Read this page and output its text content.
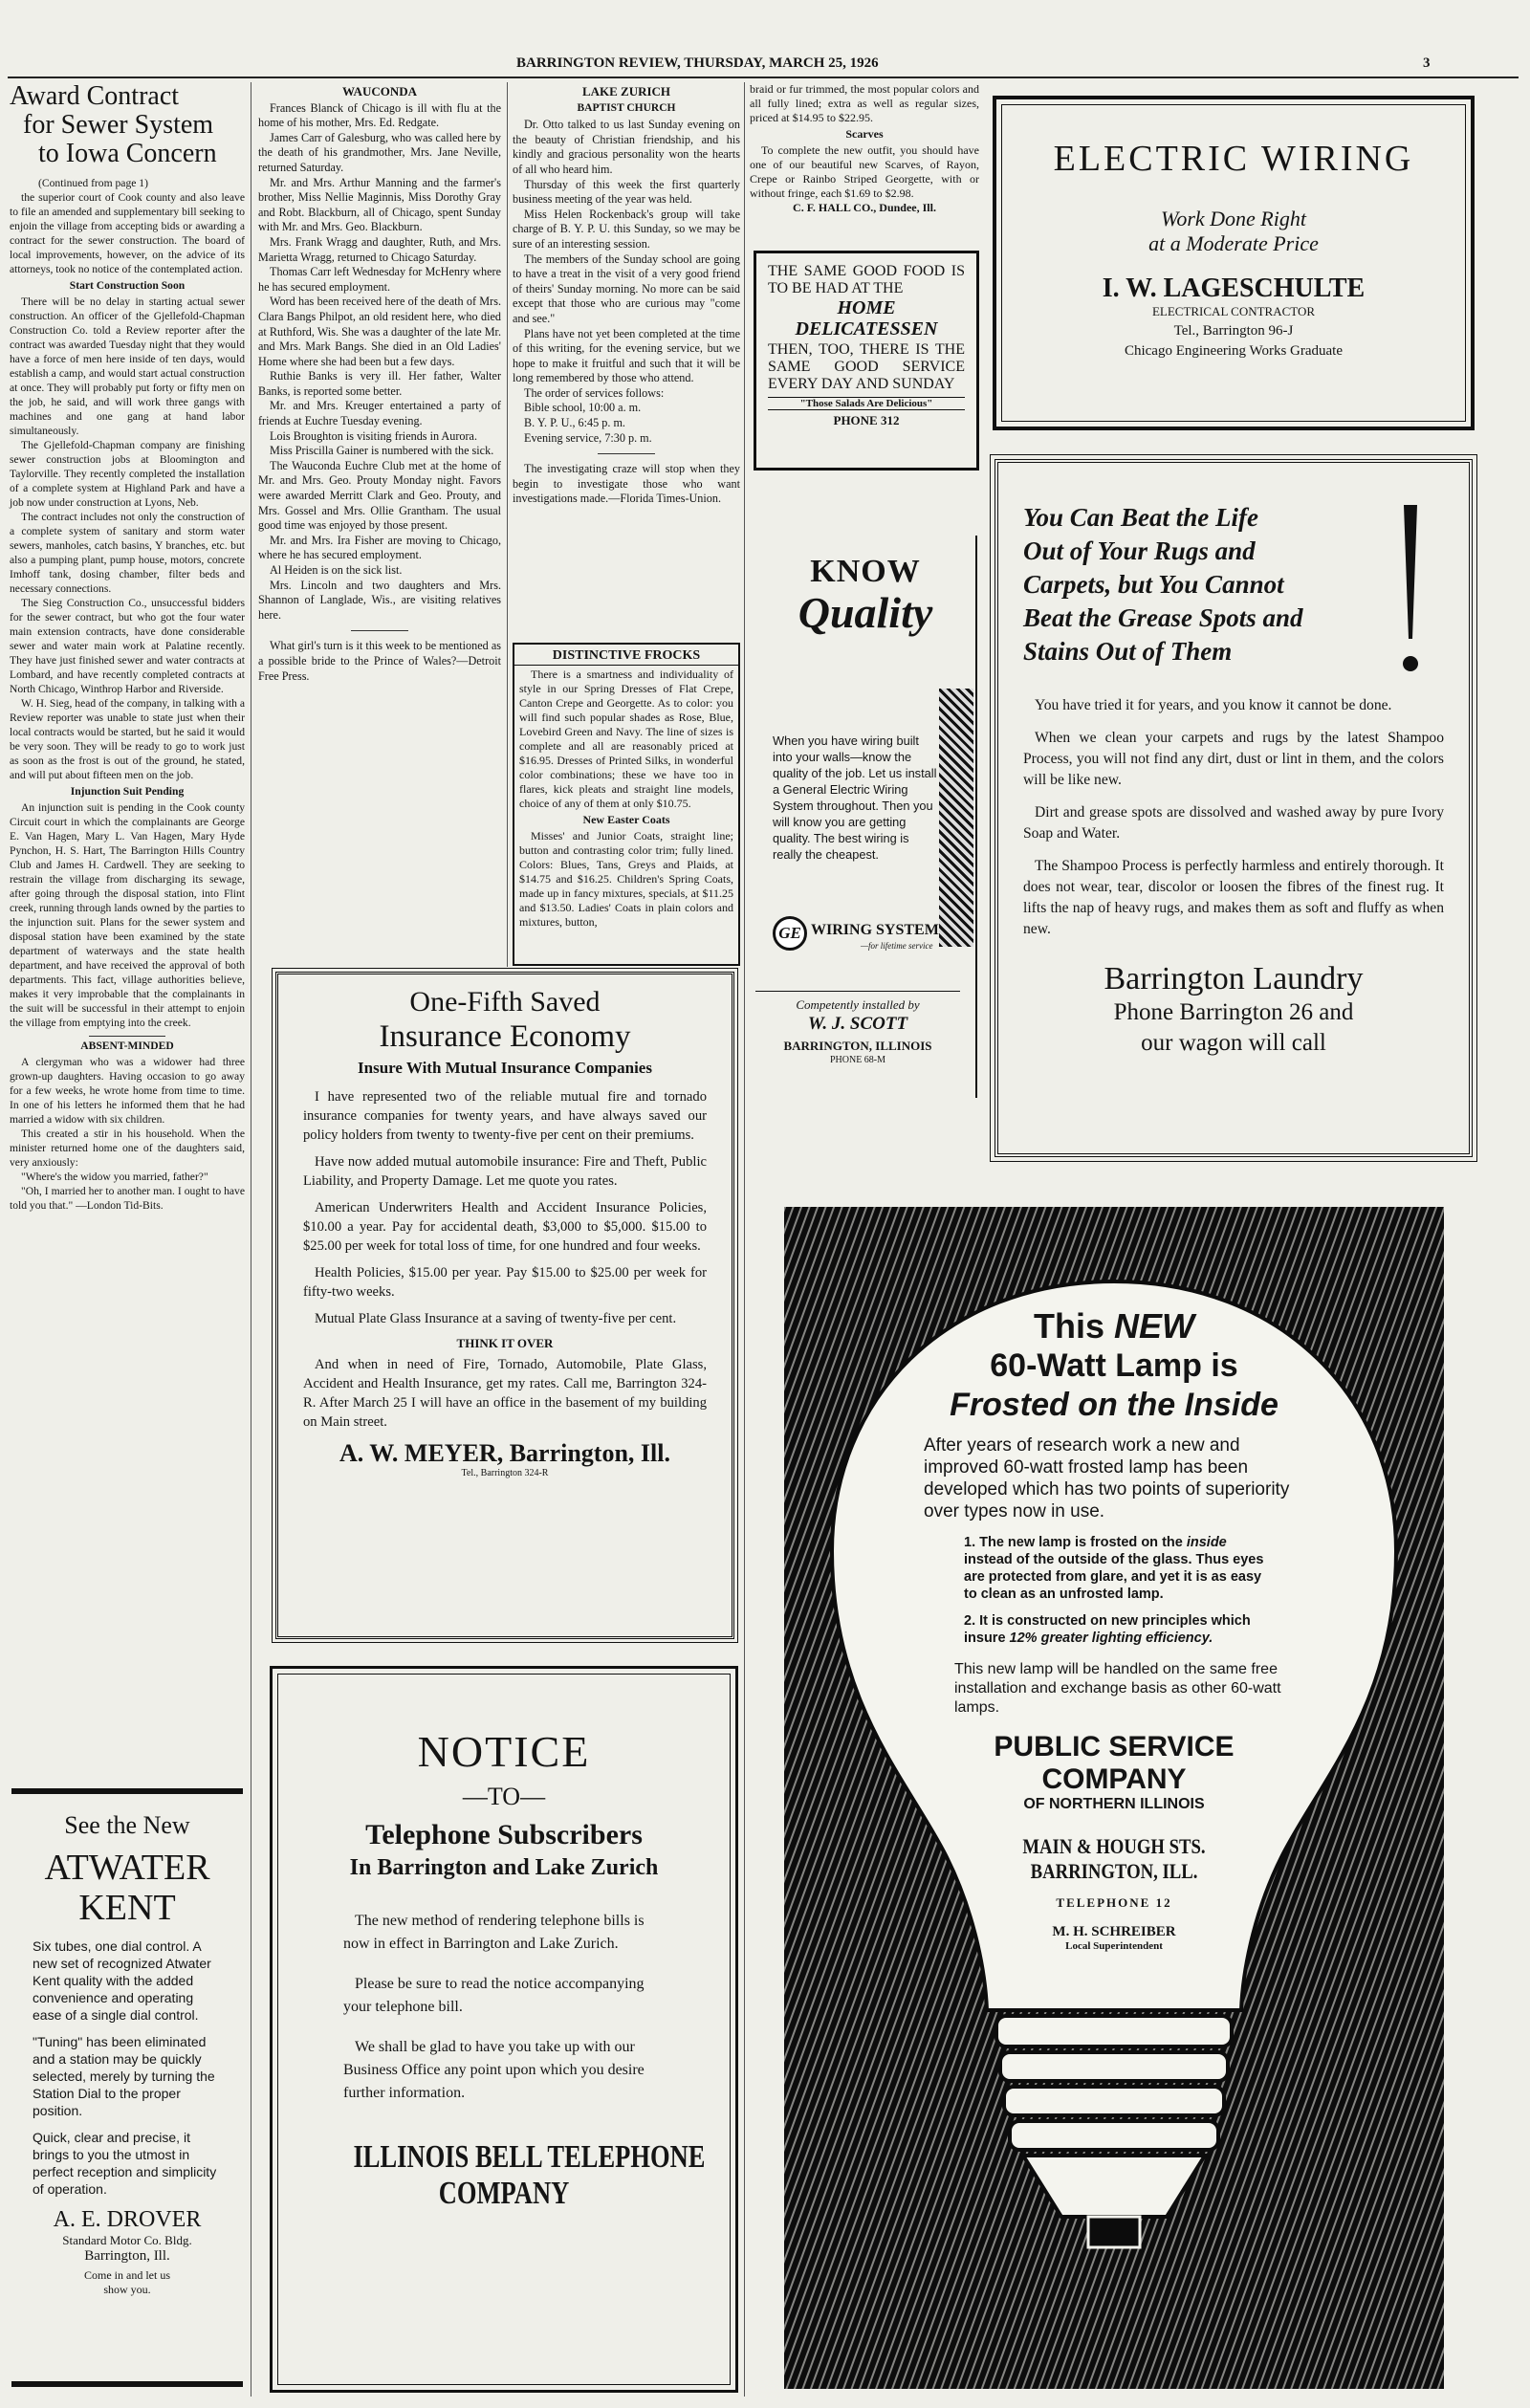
BARRINGTON REVIEW, THURSDAY, MARCH 25, 1926	3
Award Contract
for Sewer System
to Iowa Concern

(Continued from page 1)

the superior court of Cook county and also leave to file an amended and supplementary bill seeking to enjoin the village from accepting bids or awarding a contract for the sewer construction. The board of local improvements, however, on the advice of its attorneys, took no notice of the contemplated action.

Start Construction Soon

There will be no delay in starting actual sewer construction. An officer of the Gjellefold-Chapman Construction Co. told a Review reporter after the contract was awarded Tuesday night that they would have a force of men here inside of ten days, would establish a camp, and would start actual construction at once. They will probably put forty or fifty men on the job, he said, and will work three gangs with machines and one gang at hand labor simultaneously.

The Gjellefold-Chapman company are finishing sewer construction jobs at Bloomington and Taylorville. They recently completed the installation of a complete system at Highland Park and have a job now under construction at Lyons, Neb.

The contract includes not only the construction of a complete system of sanitary and storm water sewers, manholes, catch basins, Y branches, etc. but also a pumping plant, pump house, motors, concrete Imhoff tank, dosing chamber, filter beds and necessary connections.

The Sieg Construction Co., unsuccessful bidders for the sewer contract, but who got the four water main extension contracts, have done considerable sewer and water main work at Palatine recently. They have just finished sewer and water contracts at Lombard, and have recently completed contracts at North Chicago, Winthrop Harbor and Riverside.

W. H. Sieg, head of the company, in talking with a Review reporter was unable to state just when their local contracts would be started, but he said it would be very soon. They will be ready to go to work just as soon as the frost is out of the ground, he stated, and will put about fifteen men on the job.

Injunction Suit Pending

An injunction suit is pending in the Cook county Circuit court in which the complainants are George E. Van Hagen, Mary L. Van Hagen, Mary Hyde Pynchon, H. S. Hart, The Barrington Hills Country Club and James H. Cardwell. They are seeking to restrain the village from discharging its sewage, after going through the disposal station, into Flint creek, running through lands owned by the parties to the injunction suit. Plans for the sewer system and disposal station have been examined by the state department of waterways and the state health department, and have received the approval of both departments. This fact, village authorities believe, makes it very improbable that the complainants in the suit will be successful in their attempt to enjoin the village from emptying into the creek.

ABSENT-MINDED

A clergyman who was a widower had three grown-up daughters. Having occasion to go away for a few weeks, he wrote home from time to time. In one of his letters he informed them that he had married a widow with six children.

This created a stir in his household. When the minister returned home one of the daughters said, very anxiously:

"Where's the widow you married, father?"

"Oh, I married her to another man. I ought to have told you that." —London Tid-Bits.

See the New
ATWATER
KENT

Six tubes, one dial control. A new set of recognized Atwater Kent quality with the added convenience and operating ease of a single dial control.

"Tuning" has been eliminated and a station may be quickly selected, merely by turning the Station Dial to the proper position.

Quick, clear and precise, it brings to you the utmost in perfect reception and simplicity of operation.

A. E. DROVER
Standard Motor Co. Bldg.
Barrington, Ill.
Come in and let us
show you.
WAUCONDA

Frances Blanck of Chicago is ill with flu at the home of his mother, Mrs. Ed. Redgate.

James Carr of Galesburg, who was called here by the death of his grandmother, Mrs. Jane Neville, returned Saturday.

Mr. and Mrs. Arthur Manning and the farmer's brother, Miss Nellie Maginnis, Miss Dorothy Gray and Robt. Blackburn, all of Chicago, spent Sunday with Mr. and Mrs. Geo. Blackburn.

Mrs. Frank Wragg and daughter, Ruth, and Mrs. Marietta Wragg, returned to Chicago Saturday.

Thomas Carr left Wednesday for McHenry where he has secured employment.

Word has been received here of the death of Mrs. Clara Bangs Philpot, an old resident here, who died at Ruthford, Wis. She was a daughter of the late Mr. and Mrs. Mark Bangs. She died in an Old Ladies' Home where she had been but a few days.

Ruthie Banks is very ill. Her father, Walter Banks, is reported some better.

Mr. and Mrs. Kreuger entertained a party of friends at Euchre Tuesday evening.

Lois Broughton is visiting friends in Aurora.

Miss Priscilla Gainer is numbered with the sick.

The Wauconda Euchre Club met at the home of Mr. and Mrs. Geo. Prouty Monday night. Favors were awarded Merritt Clark and Geo. Prouty, and Mrs. Gossel and Mrs. Ollie Grantham. The usual good time was enjoyed by those present.

Mr. and Mrs. Ira Fisher are moving to Chicago, where he has secured employment.

Al Heiden is on the sick list.

Mrs. Lincoln and two daughters and Mrs. Shannon of Langlade, Wis., are visiting relatives here.

What girl's turn is it this week to be mentioned as a possible bride to the Prince of Wales?—Detroit Free Press.

LAKE ZURICH
BAPTIST CHURCH

Dr. Otto talked to us last Sunday evening on the beauty of Christian friendship, and his kindly and gracious personality won the hearts of all who heard him.

Thursday of this week the first quarterly business meeting of the year was held.

Miss Helen Rockenback's group will take charge of B. Y. P. U. this Sunday, so we may be sure of an interesting session.

The members of the Sunday school are going to have a treat in the visit of a very good friend of theirs' Sunday morning. No more can be said except that those who are curious may "come and see."

Plans have not yet been completed at the time of this writing, for the evening service, but we hope to make it fruitful and such that it will be long remembered by those who attend.

The order of services follows:

Bible school, 10:00 a. m.

B. Y. P. U., 6:45 p. m.

Evening service, 7:30 p. m.

The investigating craze will stop when they begin to investigate those who want investigations made.—Florida Times-Union.

DISTINCTIVE FROCKS

There is a smartness and individuality of style in our Spring Dresses of Flat Crepe, Canton Crepe and Georgette. As to color: you will find such popular shades as Rose, Blue, Lovebird Green and Navy. The line of sizes is complete and all are reasonably priced at $16.95. Dresses of Printed Silks, in wonderful color combinations; these we have too in flares, kick pleats and straight line models, choice of any of them at only $10.75.

New Easter Coats

Misses' and Junior Coats, straight line; button and contrasting color trim; fully lined. Colors: Blues, Tans, Greys and Plaids, at $14.75 and $16.25. Children's Spring Coats, made up in fancy mixtures, specials, at $11.25 and $13.50. Ladies' Coats in plain colors and mixtures, button,

braid or fur trimmed, the most popular colors and all fully lined; extra as well as regular sizes, priced at $14.95 to $22.95.

Scarves

To complete the new outfit, you should have one of our beautiful new Scarves, of Rayon, Crepe or Rainbo Striped Georgette, with or without fringe, each $1.69 to $2.98.

C. F. HALL CO., Dundee, Ill.
THE SAME GOOD FOOD IS TO BE HAD AT THE
HOME
DELICATESSEN
THEN, TOO, THERE IS THE SAME GOOD SERVICE EVERY DAY AND SUNDAY
"Those Salads Are Delicious"
PHONE 312
KNOW
Quality
When you have wiring built into your walls—know the quality of the job. Let us install a General Electric Wiring System throughout. Then you will know you are getting quality. The best wiring is really the cheapest.
GE WIRING SYSTEM
—for lifetime service
Competently installed by
W. J. SCOTT
BARRINGTON, ILLINOIS
PHONE 68-M
One-Fifth Saved
Insurance Economy
Insure With Mutual Insurance Companies

I have represented two of the reliable mutual fire and tornado insurance companies for twenty years, and have always saved our policy holders from twenty to twenty-five per cent on their premiums.

Have now added mutual automobile insurance: Fire and Theft, Public Liability, and Property Damage. Let me quote you rates.

American Underwriters Health and Accident Insurance Policies, $10.00 a year. Pay for accidental death, $3,000 to $5,000. $15.00 to $25.00 per week for total loss of time, for one hundred and four weeks.

Health Policies, $15.00 per year. Pay $15.00 to $25.00 per week for fifty-two weeks.

Mutual Plate Glass Insurance at a saving of twenty-five per cent.

THINK IT OVER

And when in need of Fire, Tornado, Automobile, Plate Glass, Accident and Health Insurance, get my rates. Call me, Barrington 324-R. After March 25 I will have an office in the basement of my building on Main street.

A. W. MEYER, Barrington, Ill.
Tel., Barrington 324-R
NOTICE
—TO—
Telephone Subscribers
In Barrington and Lake Zurich

The new method of rendering telephone bills is now in effect in Barrington and Lake Zurich.

Please be sure to read the notice accompanying your telephone bill.

We shall be glad to have you take up with our Business Office any point upon which you desire further information.

ILLINOIS BELL TELEPHONE
COMPANY
ELECTRIC WIRING
Work Done Right
at a Moderate Price
I. W. LAGESCHULTE
ELECTRICAL CONTRACTOR
Tel., Barrington 96-J
Chicago Engineering Works Graduate
You Can Beat the Life
Out of Your Rugs and
Carpets, but You Cannot
Beat the Grease Spots and
Stains Out of Them

You have tried it for years, and you know it cannot be done.

When we clean your carpets and rugs by the latest Shampoo Process, you will not find any dirt, dust or lint in them, and the colors will be like new.

Dirt and grease spots are dissolved and washed away by pure Ivory Soap and Water.

The Shampoo Process is perfectly harmless and entirely thorough. It does not wear, tear, discolor or loosen the fibres of the finest rug. It lifts the nap of heavy rugs, and makes them as soft and fluffy as when new.

Barrington Laundry
Phone Barrington 26 and
our wagon will call
This NEW
60-Watt Lamp is
Frosted on the Inside
After years of research work a new and improved 60-watt frosted lamp has been developed which has two points of superiority over types now in use.
1. The new lamp is frosted on the inside instead of the outside of the glass. Thus eyes are protected from glare, and yet it is as easy to clean as an unfrosted lamp.
2. It is constructed on new principles which insure 12% greater lighting efficiency.
This new lamp will be handled on the same free installation and exchange basis as other 60-watt lamps.
PUBLIC SERVICE
COMPANY
OF NORTHERN ILLINOIS
MAIN & HOUGH STS.
BARRINGTON, ILL.
TELEPHONE 12
M. H. SCHREIBER
Local Superintendent
